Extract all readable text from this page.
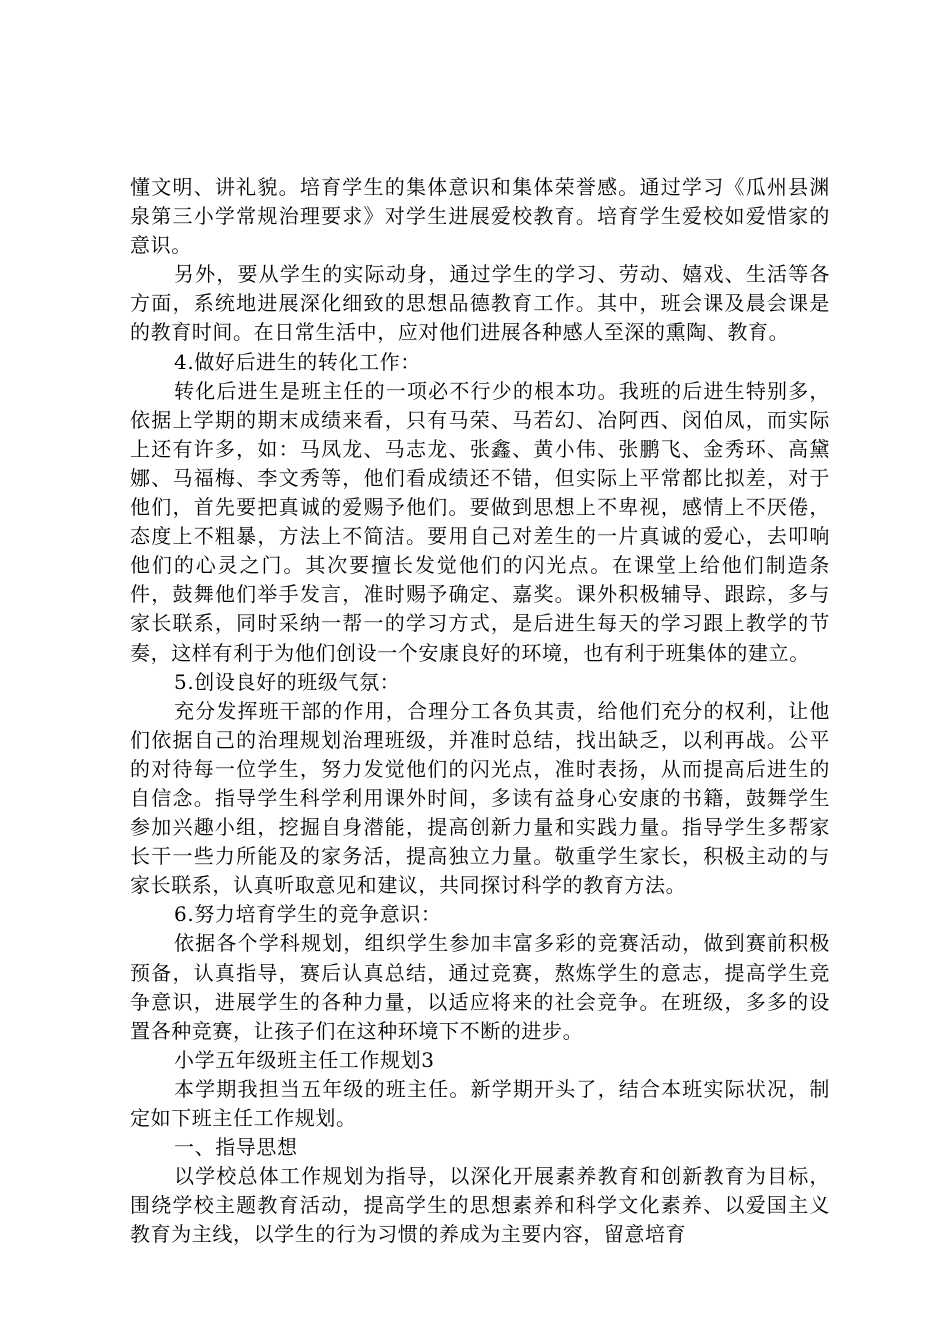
懂文明、讲礼貌。培育学生的集体意识和集体荣誉感。通过学习《瓜州县渊泉第三小学常规治理要求》对学生进展爱校教育。培育学生爱校如爱惜家的意识。

另外，要从学生的实际动身，通过学生的学习、劳动、嬉戏、生活等各方面，系统地进展深化细致的思想品德教育工作。其中，班会课及晨会课是的教育时间。在日常生活中，应对他们进展各种感人至深的熏陶、教育。

4.做好后进生的转化工作：

转化后进生是班主任的一项必不行少的根本功。我班的后进生特别多，依据上学期的期末成绩来看，只有马荣、马若幻、冶阿西、闵伯凤，而实际上还有许多，如：马凤龙、马志龙、张鑫、黄小伟、张鹏飞、金秀环、高黛娜、马福梅、李文秀等，他们看成绩还不错，但实际上平常都比拟差，对于他们，首先要把真诚的爱赐予他们。要做到思想上不卑视，感情上不厌倦，态度上不粗暴，方法上不简洁。要用自己对差生的一片真诚的爱心，去叩响他们的心灵之门。其次要擅长发觉他们的闪光点。在课堂上给他们制造条件，鼓舞他们举手发言，准时赐予确定、嘉奖。课外积极辅导、跟踪，多与家长联系，同时采纳一帮一的学习方式，是后进生每天的学习跟上教学的节奏，这样有利于为他们创设一个安康良好的环境，也有利于班集体的建立。

5.创设良好的班级气氛：

充分发挥班干部的作用，合理分工各负其责，给他们充分的权利，让他们依据自己的治理规划治理班级，并准时总结，找出缺乏，以利再战。公平的对待每一位学生，努力发觉他们的闪光点，准时表扬，从而提高后进生的自信念。指导学生科学利用课外时间，多读有益身心安康的书籍，鼓舞学生参加兴趣小组，挖掘自身潜能，提高创新力量和实践力量。指导学生多帮家长干一些力所能及的家务活，提高独立力量。敬重学生家长，积极主动的与家长联系，认真听取意见和建议，共同探讨科学的教育方法。

6.努力培育学生的竞争意识：

依据各个学科规划，组织学生参加丰富多彩的竞赛活动，做到赛前积极预备，认真指导，赛后认真总结，通过竞赛，熬炼学生的意志，提高学生竞争意识，进展学生的各种力量，以适应将来的社会竞争。在班级，多多的设置各种竞赛，让孩子们在这种环境下不断的进步。

小学五年级班主任工作规划3

本学期我担当五年级的班主任。新学期开头了，结合本班实际状况，制定如下班主任工作规划。

一、指导思想

以学校总体工作规划为指导，以深化开展素养教育和创新教育为目标，围绕学校主题教育活动，提高学生的思想素养和科学文化素养、以爱国主义教育为主线，以学生的行为习惯的养成为主要内容，留意培育
